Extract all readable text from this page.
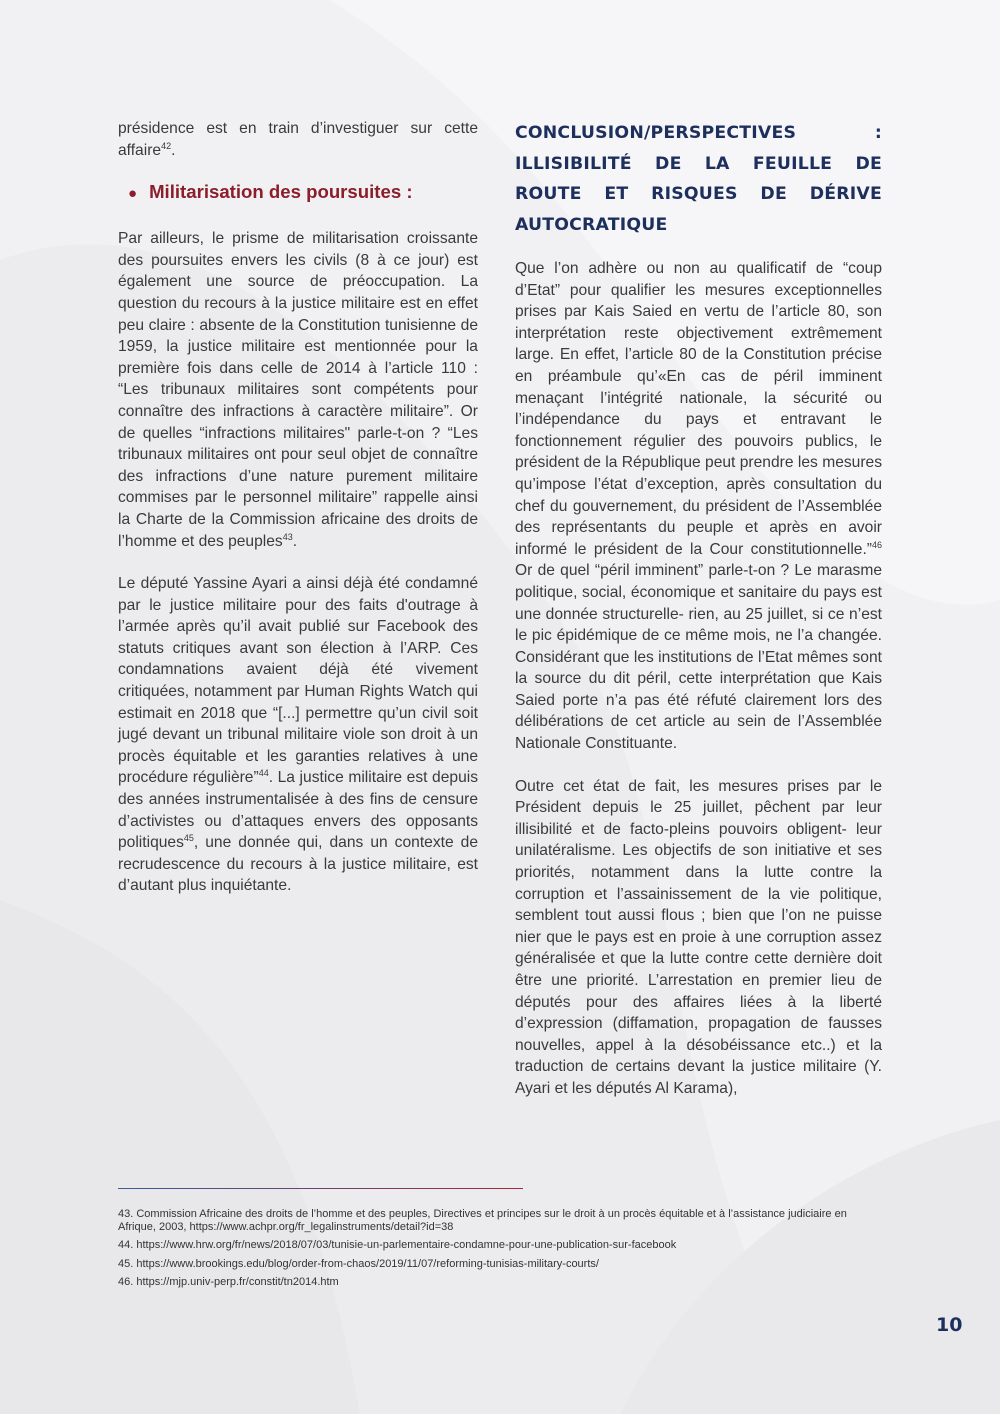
présidence est en train d’investiguer sur cette affaire$^{42}$.

● Militarisation des poursuites :

Par ailleurs, le prisme de militarisation croissante des poursuites envers les civils (8 à ce jour) est également une source de préoccupation. La question du recours à la justice militaire est en effet peu claire : absente de la Constitution tunisienne de 1959, la justice militaire est mentionnée pour la première fois dans celle de 2014 à l’article 110 : “Les tribunaux militaires sont compétents pour connaître des infractions à caractère militaire”. Or de quelles “infractions militaires" parle-t-on ? “Les tribunaux militaires ont pour seul objet de connaître des infractions d’une nature purement militaire commises par le personnel militaire” rappelle ainsi la Charte de la Commission africaine des droits de l’homme et des peuples$^{43}$.

Le député Yassine Ayari a ainsi déjà été condamné par le justice militaire pour des faits d'outrage à l’armée après qu’il avait publié sur Facebook des statuts critiques avant son élection à l’ARP. Ces condamnations avaient déjà été vivement critiquées, notamment par Human Rights Watch qui estimait en 2018 que “[...] permettre qu’un civil soit jugé devant un tribunal militaire viole son droit à un procès équitable et les garanties relatives à une procédure régulière”$^{44}$. La justice militaire est depuis des années instrumentalisée à des fins de censure d’activistes ou d’attaques envers des opposants politiques$^{45}$, une donnée qui, dans un contexte de recrudescence du recours à la justice militaire, est d’autant plus inquiétante.

CONCLUSION/PERSPECTIVES : ILLISIBILITÉ DE LA FEUILLE DE ROUTE ET RISQUES DE DÉRIVE AUTOCRATIQUE

Que l’on adhère ou non au qualificatif de “coup d’Etat” pour qualifier les mesures exceptionnelles prises par Kais Saied en vertu de l’article 80, son interprétation reste objectivement extrêmement large. En effet, l’article 80 de la Constitution précise en préambule qu’«En cas de péril imminent menaçant l’intégrité nationale, la sécurité ou l’indépendance du pays et entravant le fonctionnement régulier des pouvoirs publics, le président de la République peut prendre les mesures qu’impose l’état d’exception, après consultation du chef du gouvernement, du président de l’Assemblée des représentants du peuple et après en avoir informé le président de la Cour constitutionnelle.”$^{46}$ Or de quel “péril imminent” parle-t-on ? Le marasme politique, social, économique et sanitaire du pays est une donnée structurelle- rien, au 25 juillet, si ce n’est le pic épidémique de ce même mois, ne l’a changée. Considérant que les institutions de l’Etat mêmes sont la source du dit péril, cette interprétation que Kais Saied porte n’a pas été réfuté clairement lors des délibérations de cet article au sein de l’Assemblée Nationale Constituante.

Outre cet état de fait, les mesures prises par le Président depuis le 25 juillet, pêchent par leur illisibilité et de facto-pleins pouvoirs obligent- leur unilatéralisme. Les objectifs de son initiative et ses priorités, notamment dans la lutte contre la corruption et l’assainissement de la vie politique, semblent tout aussi flous ; bien que l’on ne puisse nier que le pays est en proie à une corruption assez généralisée et que la lutte contre cette dernière doit être une priorité. L’arrestation en premier lieu de députés pour des affaires liées à la liberté d’expression (diffamation, propagation de fausses nouvelles, appel à la désobéissance etc..) et la traduction de certains devant la justice militaire (Y. Ayari et les députés Al Karama),

43. Commission Africaine des droits de l’homme et des peuples, Directives et principes sur le droit à un procès équitable et à l’assistance judiciaire en Afrique, 2003, https://www.achpr.org/fr_legalinstruments/detail?id=38

44. https://www.hrw.org/fr/news/2018/07/03/tunisie-un-parlementaire-condamne-pour-une-publication-sur-facebook

45. https://www.brookings.edu/blog/order-from-chaos/2019/11/07/reforming-tunisias-military-courts/

46. https://mjp.univ-perp.fr/constit/tn2014.htm

10
